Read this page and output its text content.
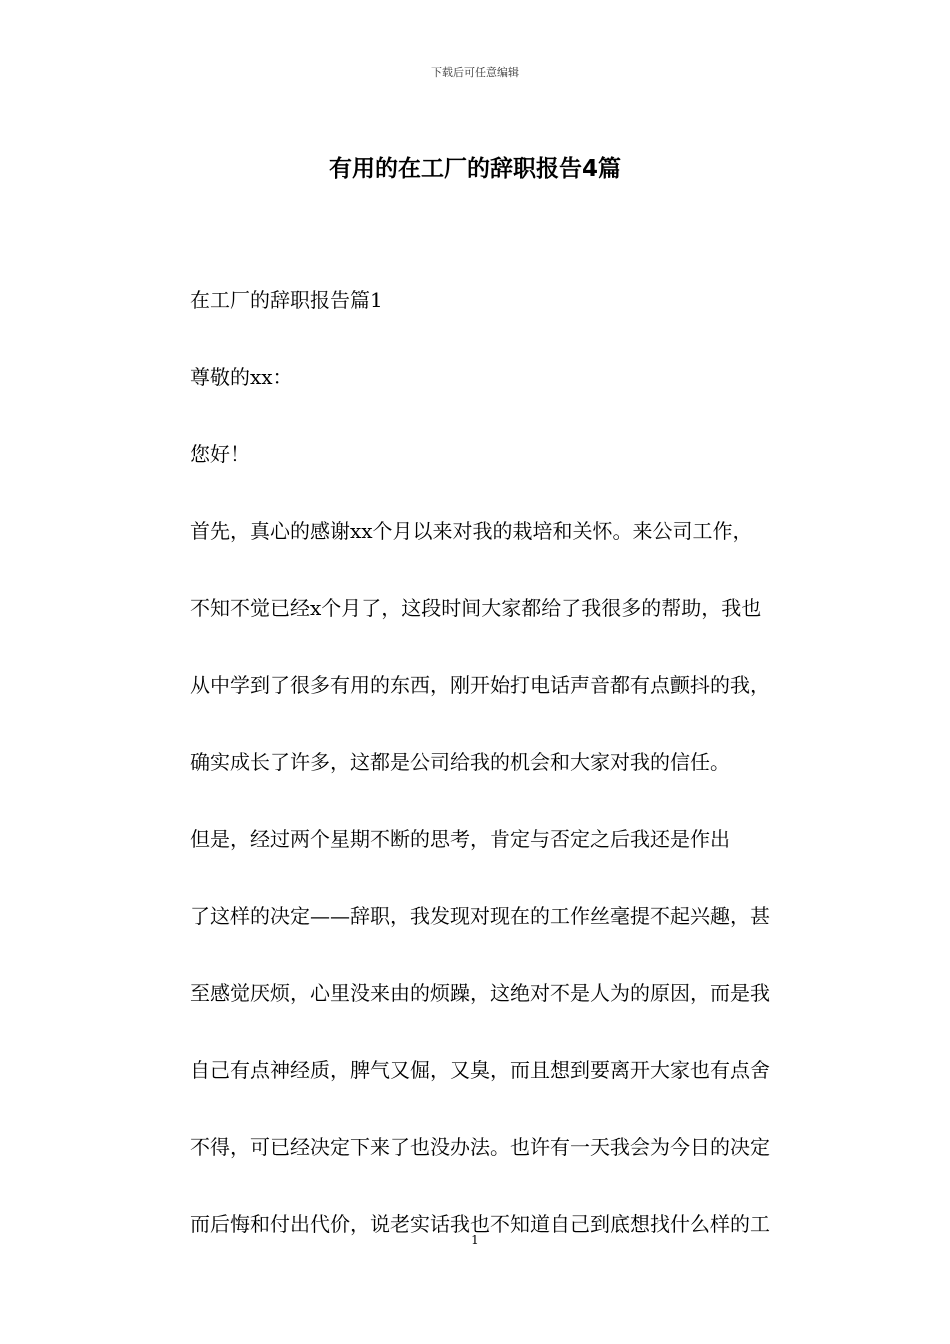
下载后可任意编辑
有用的在工厂的辞职报告4篇

在工厂的辞职报告篇1

尊敬的xx：

您好！

首先，真心的感谢xx个月以来对我的栽培和关怀。来公司工作，
不知不觉已经x个月了，这段时间大家都给了我很多的帮助，我也
从中学到了很多有用的东西，刚开始打电话声音都有点颤抖的我，
确实成长了许多，这都是公司给我的机会和大家对我的信任。

但是，经过两个星期不断的思考，肯定与否定之后我还是作出
了这样的决定——辞职，我发现对现在的工作丝毫提不起兴趣，甚
至感觉厌烦，心里没来由的烦躁，这绝对不是人为的原因，而是我
自己有点神经质，脾气又倔，又臭，而且想到要离开大家也有点舍
不得，可已经决定下来了也没办法。也许有一天我会为今日的决定
而后悔和付出代价，说老实话我也不知道自己到底想找什么样的工

1
